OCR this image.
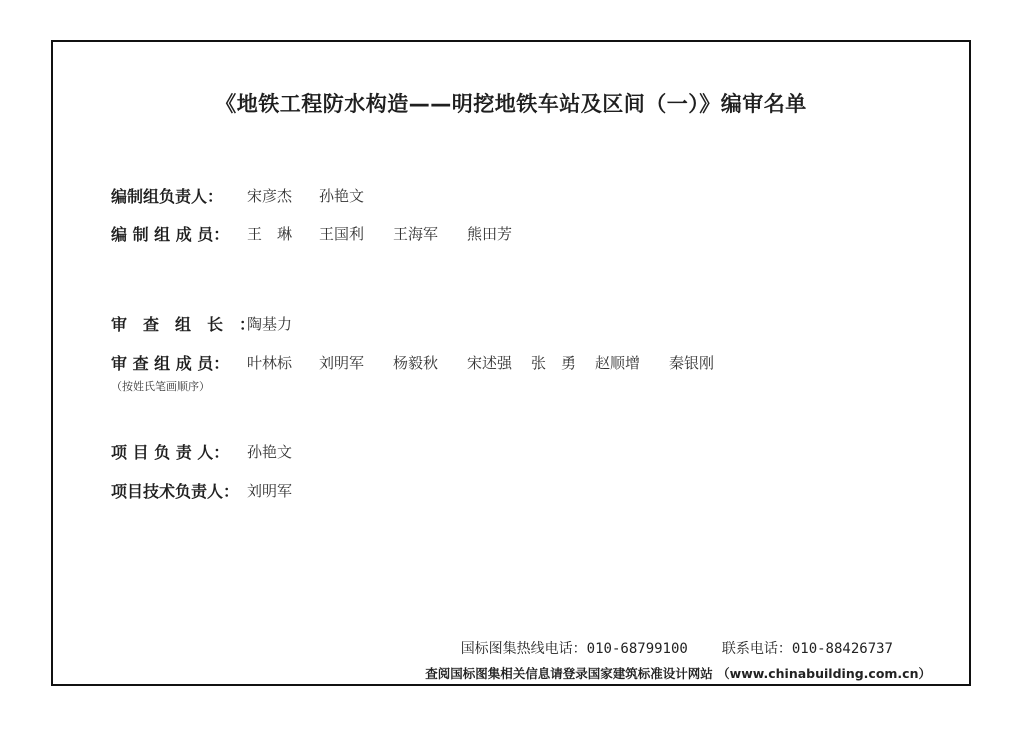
《地铁工程防水构造——明挖地铁车站及区间（一）》编审名单
编制组负责人：	宋彦杰	孙艳文
编 制 组 成 员：	王　琳	王国利	王海军	熊田芳
审　查　组　长　：
陶基力
审 查 组 成 员：	叶林标	刘明军	杨毅秋	宋述强	张　勇	赵顺增	秦银刚
（按姓氏笔画顺序）
项 目 负 责 人：	孙艳文
项目技术负责人： 刘明军
国标图集热线电话：010-68799100 联系电话：010-88426737
查阅国标图集相关信息请登录国家建筑标准设计网站 （www.chinabuilding.com.cn）
